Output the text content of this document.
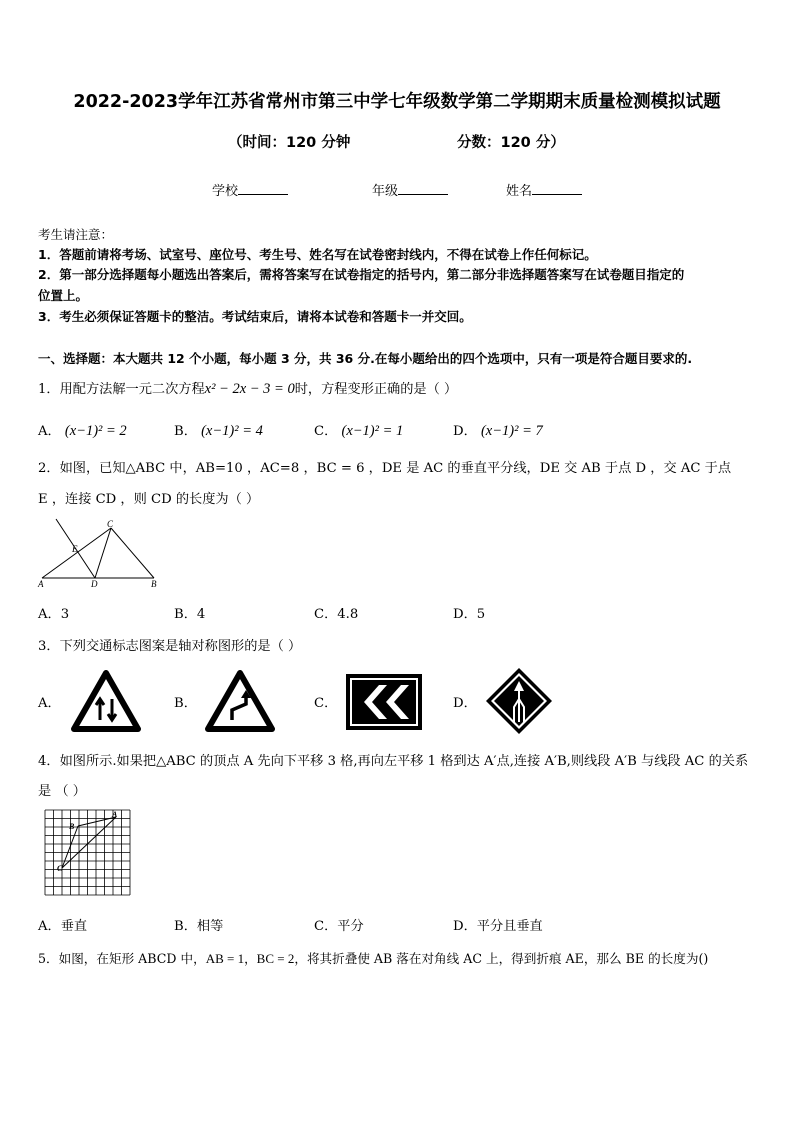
2022-2023学年江苏省常州市第三中学七年级数学第二学期期末质量检测模拟试题
（时间：120 分钟	分数：120 分）
学校	年级	姓名
考生请注意：
1．答题前请将考场、试室号、座位号、考生号、姓名写在试卷密封线内，不得在试卷上作任何标记。
2．第一部分选择题每小题选出答案后，需将答案写在试卷指定的括号内，第二部分非选择题答案写在试卷题目指定的
位置上。
3．考生必须保证答题卡的整洁。考试结束后，请将本试卷和答题卡一并交回。
一、选择题：本大题共 12 个小题，每小题 3 分，共 36 分.在每小题给出的四个选项中，只有一项是符合题目要求的.
1．用配方法解一元二次方程x² − 2x − 3 = 0时，方程变形正确的是（ ）
A． (x−1)² = 2	B． (x−1)² = 4	C． (x−1)² = 1	D． (x−1)² = 7
2．如图，已知△ABC 中，AB=10 ，AC=8 ，BC = 6 ，DE 是 AC 的垂直平分线，DE 交 AB 于点 D ，交 AC 于点
E ，连接 CD ，则 CD 的长度为（ ）
C
E
A	D	B
A．3	B．4	C．4.8	D．5
3．下列交通标志图案是轴对称图形的是（ ）
A．	B．	C．	D．
4．如图所示.如果把△ABC 的顶点 A 先向下平移 3 格,再向左平移 1 格到达 A′点,连接 A′B,则线段 A′B 与线段 AC 的关系
是 （ ）
A
B
C
A．垂直	B．相等	C．平分	D．平分且垂直
5．如图，在矩形 ABCD 中，AB = 1，BC = 2，将其折叠使 AB 落在对角线 AC 上，得到折痕 AE，那么 BE 的长度为()
